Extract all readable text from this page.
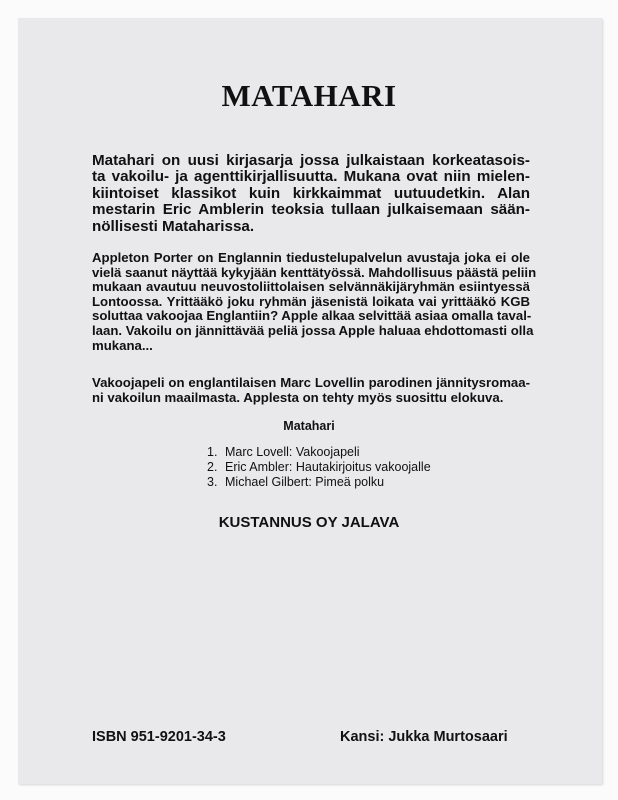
MATAHARI
Matahari on uusi kirjasarja jossa julkaistaan korkeatasois-
ta vakoilu- ja agenttikirjallisuutta. Mukana ovat niin mielen-
kiintoiset klassikot kuin kirkkaimmat uutuudetkin. Alan
mestarin Eric Amblerin teoksia tullaan julkaisemaan sään-
nöllisesti Mataharissa.
Appleton Porter on Englannin tiedustelupalvelun avustaja joka ei ole
vielä saanut näyttää kykyjään kenttätyössä. Mahdollisuus päästä peliin
mukaan avautuu neuvostoliittolaisen selvännäkijäryhmän esiintyessä
Lontoossa. Yrittääkö joku ryhmän jäsenistä loikata vai yrittääkö KGB
soluttaa vakoojaa Englantiin? Apple alkaa selvittää asiaa omalla taval-
laan. Vakoilu on jännittävää peliä jossa Apple haluaa ehdottomasti olla
mukana...
Vakoojapeli on englantilaisen Marc Lovellin parodinen jännitysromaa-
ni vakoilun maailmasta. Applesta on tehty myös suosittu elokuva.
Matahari
1. Marc Lovell: Vakoojapeli
2. Eric Ambler: Hautakirjoitus vakoojalle
3. Michael Gilbert: Pimeä polku
KUSTANNUS OY JALAVA
ISBN 951-9201-34-3	Kansi: Jukka Murtosaari
